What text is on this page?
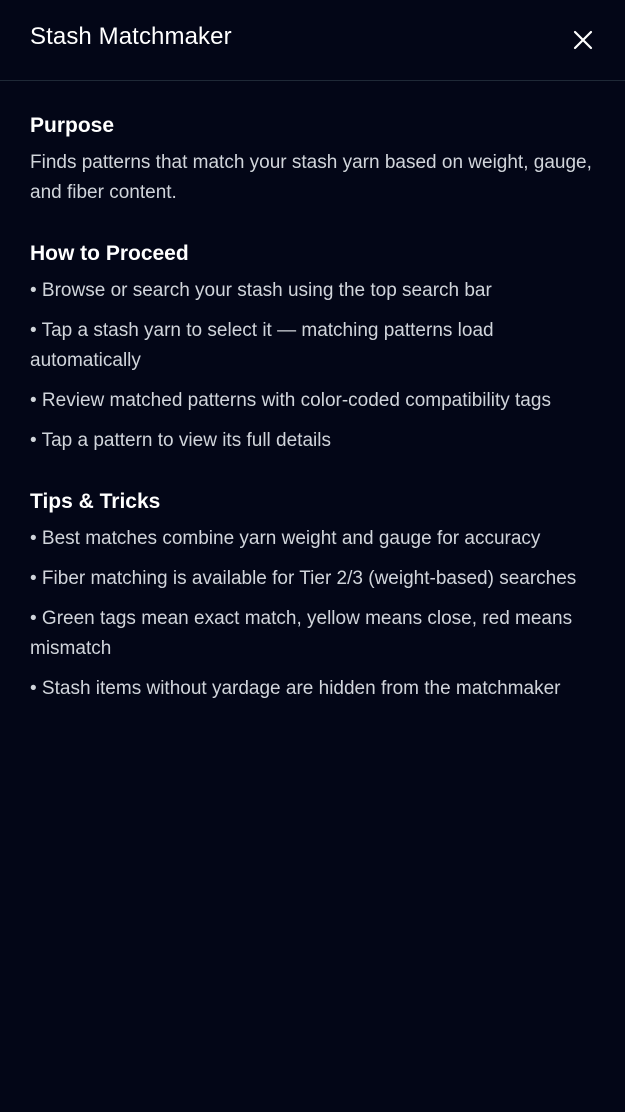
Stash Matchmaker
Purpose

Finds patterns that match your stash yarn based on weight, gauge, and fiber content.

How to Proceed
• Browse or search your stash using the top search bar
• Tap a stash yarn to select it — matching patterns load automatically
• Review matched patterns with color-coded compatibility tags
• Tap a pattern to view its full details
Tips & Tricks
• Best matches combine yarn weight and gauge for accuracy
• Fiber matching is available for Tier 2/3 (weight-based) searches
• Green tags mean exact match, yellow means close, red means mismatch
• Stash items without yardage are hidden from the matchmaker
